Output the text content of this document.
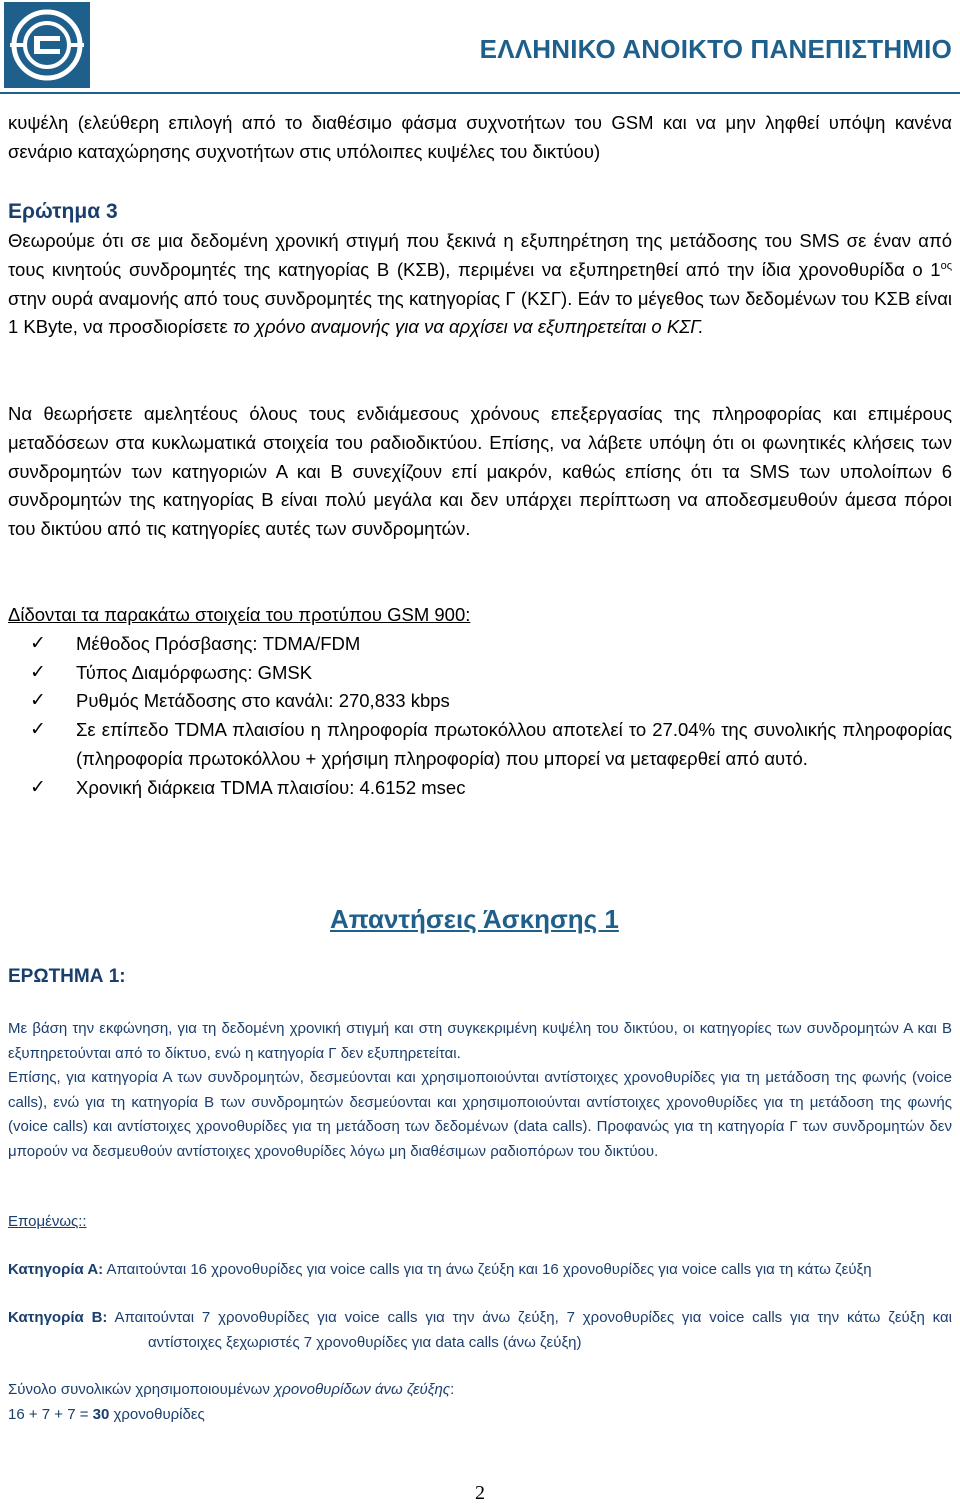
ΕΛΛΗΝΙΚΟ ΑΝΟΙΚΤΟ ΠΑΝΕΠΙΣΤΗΜΙΟ

κυψέλη (ελεύθερη επιλογή από το διαθέσιμο φάσμα συχνοτήτων του GSM και να μην ληφθεί υπόψη κανένα σενάριο καταχώρησης συχνοτήτων στις υπόλοιπες κυψέλες του δικτύου)

Ερώτημα 3

Θεωρούμε ότι σε μια δεδομένη χρονική στιγμή που ξεκινά η εξυπηρέτηση της μετάδοσης του SMS σε έναν από τους κινητούς συνδρομητές της κατηγορίας Β (ΚΣΒ), περιμένει να εξυπηρετηθεί από την ίδια χρονοθυρίδα ο $1^{o\varsigma}$ στην ουρά αναμονής από τους συνδρομητές της κατηγορίας Γ (ΚΣΓ). Εάν το μέγεθος των δεδομένων του ΚΣΒ είναι 1 KByte, να προσδιορίσετε το χρόνο αναμονής για να αρχίσει να εξυπηρετείται ο ΚΣΓ.

Να θεωρήσετε αμελητέους όλους τους ενδιάμεσους χρόνους επεξεργασίας της πληροφορίας και επιμέρους μεταδόσεων στα κυκλωματικά στοιχεία του ραδιοδικτύου. Επίσης, να λάβετε υπόψη ότι οι φωνητικές κλήσεις των συνδρομητών των κατηγοριών Α και Β συνεχίζουν επί μακρόν, καθώς επίσης ότι τα SMS των υπολοίπων 6 συνδρομητών της κατηγορίας Β είναι πολύ μεγάλα και δεν υπάρχει περίπτωση να αποδεσμευθούν άμεσα πόροι του δικτύου από τις κατηγορίες αυτές των συνδρομητών.

Δίδονται τα παρακάτω στοιχεία του προτύπου GSM 900:

✓ Μέθοδος Πρόσβασης: TDMA/FDM
✓ Τύπος Διαμόρφωσης: GMSK
✓ Ρυθμός Μετάδοσης στο κανάλι: 270,833 kbps
✓ Σε επίπεδο TDMA πλαισίου η πληροφορία πρωτοκόλλου αποτελεί το 27.04% της συνολικής πληροφορίας (πληροφορία πρωτοκόλλου + χρήσιμη πληροφορία) που μπορεί να μεταφερθεί από αυτό.
✓ Χρονική διάρκεια TDMA πλαισίου: 4.6152 msec
Απαντήσεις Άσκησης 1

ΕΡΩΤΗΜΑ 1:

Με βάση την εκφώνηση, για τη δεδομένη χρονική στιγμή και στη συγκεκριμένη κυψέλη του δικτύου, οι κατηγορίες των συνδρομητών Α και Β εξυπηρετούνται από το δίκτυο, ενώ η κατηγορία Γ δεν εξυπηρετείται.

Επίσης, για κατηγορία Α των συνδρομητών, δεσμεύονται και χρησιμοποιούνται αντίστοιχες χρονοθυρίδες για τη μετάδοση της φωνής (voice calls), ενώ για τη κατηγορία Β των συνδρομητών δεσμεύονται και χρησιμοποιούνται αντίστοιχες χρονοθυρίδες για τη μετάδοση της φωνής (voice calls) και αντίστοιχες χρονοθυρίδες για τη μετάδοση των δεδομένων (data calls). Προφανώς για τη κατηγορία Γ των συνδρομητών δεν μπορούν να δεσμευθούν αντίστοιχες χρονοθυρίδες λόγω μη διαθέσιμων ραδιοπόρων του δικτύου.

Επομένως::

Κατηγορία Α: Απαιτούνται 16 χρονοθυρίδες για voice calls για τη άνω ζεύξη και 16 χρονοθυρίδες για voice calls για τη κάτω ζεύξη

Κατηγορία Β: Απαιτούνται 7 χρονοθυρίδες για voice calls για την άνω ζεύξη, 7 χρονοθυρίδες για voice calls για την κάτω ζεύξη και αντίστοιχες ξεχωριστές 7 χρονοθυρίδες για data calls (άνω ζεύξη)

Σύνολο συνολικών χρησιμοποιουμένων χρονοθυρίδων άνω ζεύξης:

16 + 7 + 7 = 30 χρονοθυρίδες

2
